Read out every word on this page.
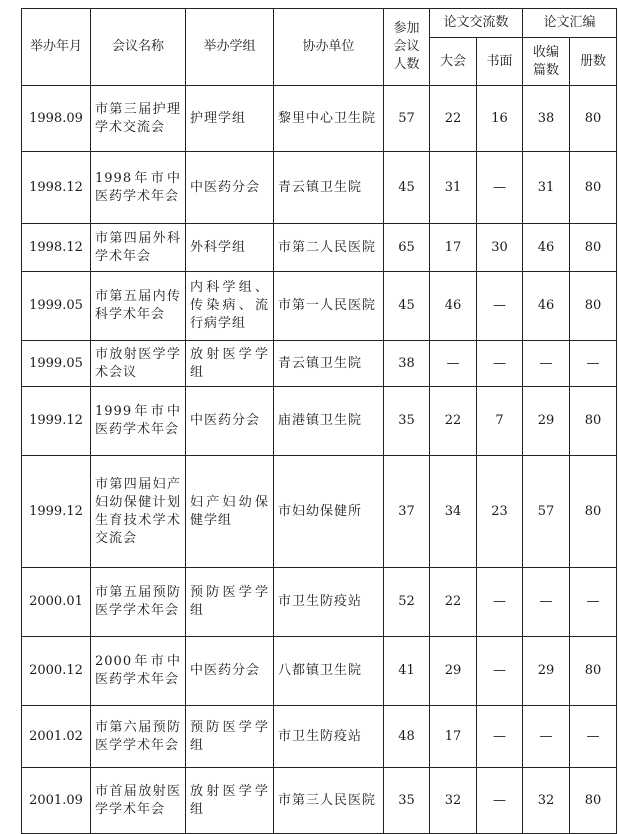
举办年月	会议名称	举办学组	协办单位	参加会议人数	论文交流数		论文汇编	
					大会	书面	收编篇数	册数
1998.09	市第三届护理学术交流会	护理学组	黎里中心卫生院	57	22	16	38	80
1998.12	1998年市中医药学术年会	中医药分会	青云镇卫生院	45	31	—	31	80
1998.12	市第四届外科学术年会	外科学组	市第二人民医院	65	17	30	46	80
1999.05	市第五届内传科学术年会	内科学组、传染病、流行病学组	市第一人民医院	45	46	—	46	80
1999.05	市放射医学学术会议	放射医学学组	青云镇卫生院	38	—	—	—	—
1999.12	1999年市中医药学术年会	中医药分会	庙港镇卫生院	35	22	7	29	80
1999.12	市第四届妇产妇幼保健计划生育技术学术交流会	妇产妇幼保健学组	市妇幼保健所	37	34	23	57	80
2000.01	市第五届预防医学学术年会	预防医学学组	市卫生防疫站	52	22	—	—	—
2000.12	2000年市中医药学术年会	中医药分会	八都镇卫生院	41	29	—	29	80
2001.02	市第六届预防医学学术年会	预防医学学组	市卫生防疫站	48	17	—	—	—
2001.09	市首届放射医学学术年会	放射医学学组	市第三人民医院	35	32	—	32	80
